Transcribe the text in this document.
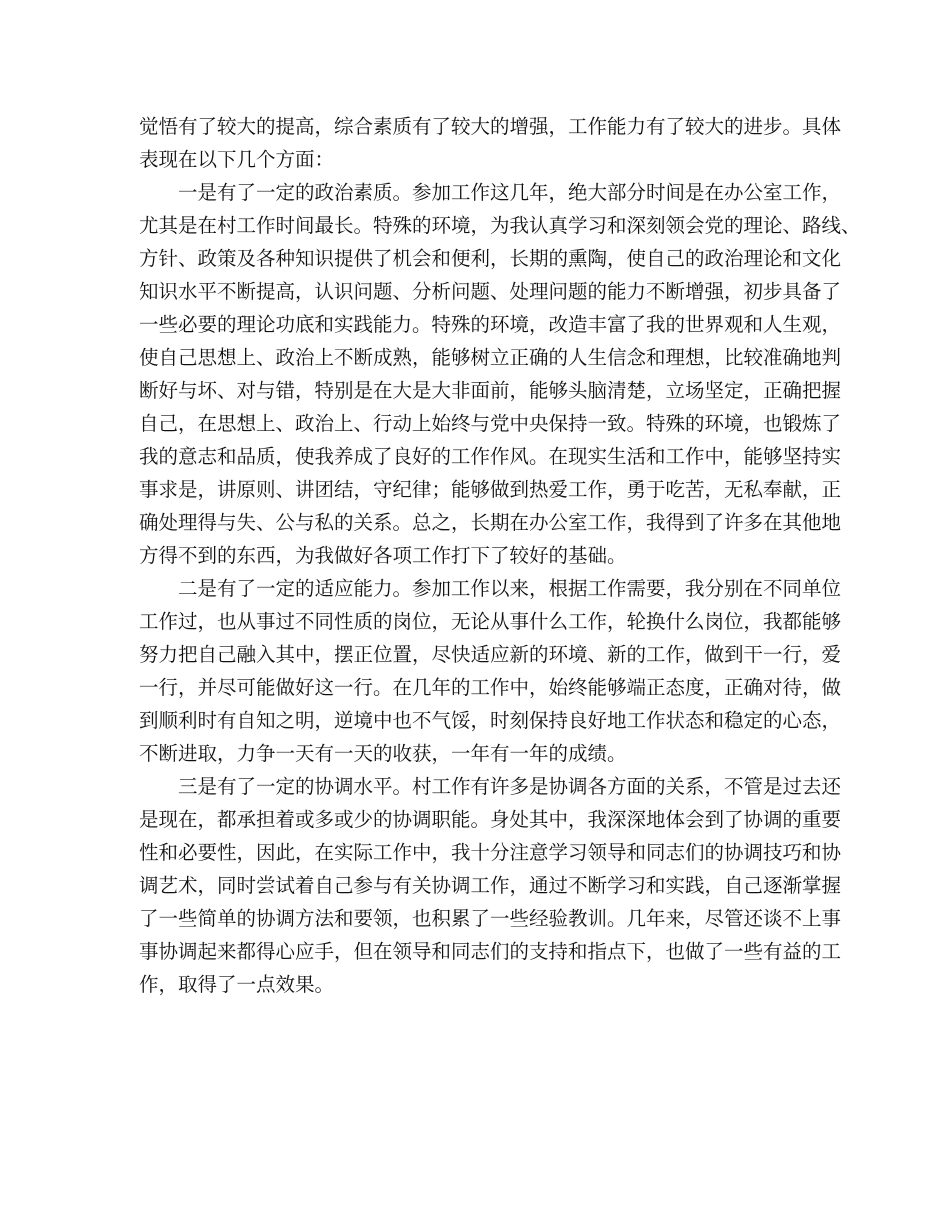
觉悟有了较大的提高，综合素质有了较大的增强，工作能力有了较大的进步。具体
表现在以下几个方面：
一是有了一定的政治素质。参加工作这几年，绝大部分时间是在办公室工作，
尤其是在村工作时间最长。特殊的环境，为我认真学习和深刻领会党的理论、路线、
方针、政策及各种知识提供了机会和便利，长期的熏陶，使自己的政治理论和文化
知识水平不断提高，认识问题、分析问题、处理问题的能力不断增强，初步具备了
一些必要的理论功底和实践能力。特殊的环境，改造丰富了我的世界观和人生观，
使自己思想上、政治上不断成熟，能够树立正确的人生信念和理想，比较准确地判
断好与坏、对与错，特别是在大是大非面前，能够头脑清楚，立场坚定，正确把握
自己，在思想上、政治上、行动上始终与党中央保持一致。特殊的环境，也锻炼了
我的意志和品质，使我养成了良好的工作作风。在现实生活和工作中，能够坚持实
事求是，讲原则、讲团结，守纪律；能够做到热爱工作，勇于吃苦，无私奉献，正
确处理得与失、公与私的关系。总之，长期在办公室工作，我得到了许多在其他地
方得不到的东西，为我做好各项工作打下了较好的基础。
二是有了一定的适应能力。参加工作以来，根据工作需要，我分别在不同单位
工作过，也从事过不同性质的岗位，无论从事什么工作，轮换什么岗位，我都能够
努力把自己融入其中，摆正位置，尽快适应新的环境、新的工作，做到干一行，爱
一行，并尽可能做好这一行。在几年的工作中，始终能够端正态度，正确对待，做
到顺利时有自知之明，逆境中也不气馁，时刻保持良好地工作状态和稳定的心态，
不断进取，力争一天有一天的收获，一年有一年的成绩。
三是有了一定的协调水平。村工作有许多是协调各方面的关系，不管是过去还
是现在，都承担着或多或少的协调职能。身处其中，我深深地体会到了协调的重要
性和必要性，因此，在实际工作中，我十分注意学习领导和同志们的协调技巧和协
调艺术，同时尝试着自己参与有关协调工作，通过不断学习和实践，自己逐渐掌握
了一些简单的协调方法和要领，也积累了一些经验教训。几年来，尽管还谈不上事
事协调起来都得心应手，但在领导和同志们的支持和指点下，也做了一些有益的工
作，取得了一点效果。
